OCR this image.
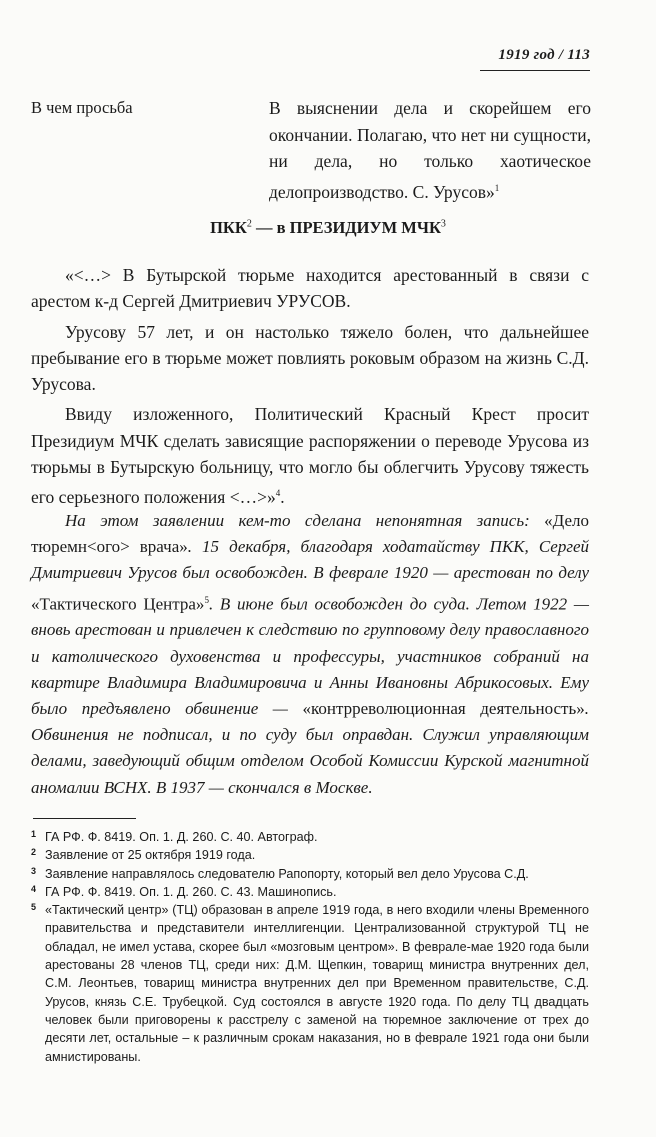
1919 год / 113
В чем просьба	В выяснении дела и скорейшем его окончании. Полагаю, что нет ни сущности, ни дела, но только хаотическое делопроизводство. С. Урусов»$^1$
ПКК$^2$ — в ПРЕЗИДИУМ МЧК$^3$

«<…> В Бутырской тюрьме находится арестованный в связи с арестом к-д Сергей Дмитриевич УРУСОВ.

Урусову 57 лет, и он настолько тяжело болен, что дальнейшее пребывание его в тюрьме может повлиять роковым образом на жизнь С.Д. Урусова.

Ввиду изложенного, Политический Красный Крест просит Президиум МЧК сделать зависящие распоряжении о переводе Урусова из тюрьмы в Бутырскую больницу, что могло бы облегчить Урусову тяжесть его серьезного положения <…>»$^4$.

На этом заявлении кем-то сделана непонятная запись: «Дело тюремн<ого> врача». 15 декабря, благодаря ходатайству ПКК, Сергей Дмитриевич Урусов был освобожден. В феврале 1920 — арестован по делу «Тактического Центра»$^5$. В июне был освобожден до суда. Летом 1922 — вновь арестован и привлечен к следствию по групповому делу православного и католического духовенства и профессуры, участников собраний на квартире Владимира Владимировича и Анны Ивановны Абрикосовых. Ему было предъявлено обвинение — «контрреволюционная деятельность». Обвинения не подписал, и по суду был оправдан. Служил управляющим делами, заведующий общим отделом Особой Комиссии Курской магнитной аномалии ВСНХ. В 1937 — скончался в Москве.

1 ГА РФ. Ф. 8419. Оп. 1. Д. 260. С. 40. Автограф.
2 Заявление от 25 октября 1919 года.
3 Заявление направлялось следователю Рапопорту, который вел дело Урусова С.Д.
4 ГА РФ. Ф. 8419. Оп. 1. Д. 260. С. 43. Машинопись.
5 «Тактический центр» (ТЦ) образован в апреле 1919 года, в него входили члены Временного правительства и представители интеллигенции. Централизованной структурой ТЦ не обладал, не имел устава, скорее был «мозговым центром». В феврале-мае 1920 года были арестованы 28 членов ТЦ, среди них: Д.М. Щепкин, товарищ министра внутренних дел, С.М. Леонтьев, товарищ министра внутренних дел при Временном правительстве, С.Д. Урусов, князь С.Е. Трубецкой. Суд состоялся в августе 1920 года. По делу ТЦ двадцать человек были приговорены к расстрелу с заменой на тюремное заключение от трех до десяти лет, остальные – к различным срокам наказания, но в феврале 1921 года они были амнистированы.
